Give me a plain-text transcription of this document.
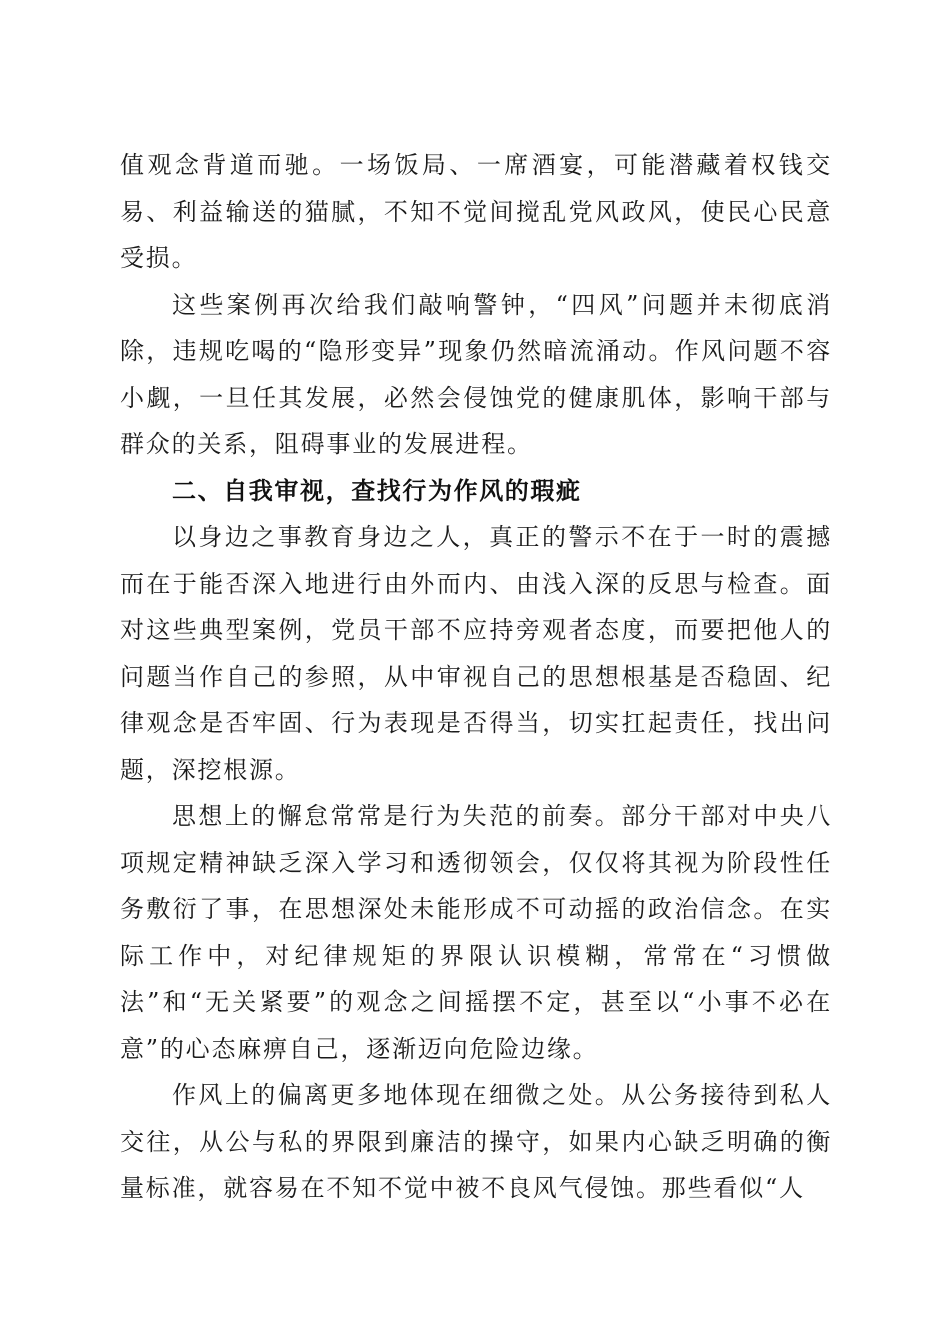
值观念背道而驰。一场饭局、一席酒宴，可能潜藏着权钱交易、利益输送的猫腻，不知不觉间搅乱党风政风，使民心民意受损。

这些案例再次给我们敲响警钟，“四风”问题并未彻底消除，违规吃喝的“隐形变异”现象仍然暗流涌动。作风问题不容小觑，一旦任其发展，必然会侵蚀党的健康肌体，影响干部与群众的关系，阻碍事业的发展进程。

二、自我审视，查找行为作风的瑕疵

以身边之事教育身边之人，真正的警示不在于一时的震撼而在于能否深入地进行由外而内、由浅入深的反思与检查。面对这些典型案例，党员干部不应持旁观者态度，而要把他人的问题当作自己的参照，从中审视自己的思想根基是否稳固、纪律观念是否牢固、行为表现是否得当，切实扛起责任，找出问题，深挖根源。

思想上的懈怠常常是行为失范的前奏。部分干部对中央八项规定精神缺乏深入学习和透彻领会，仅仅将其视为阶段性任务敷衍了事，在思想深处未能形成不可动摇的政治信念。在实际工作中，对纪律规矩的界限认识模糊，常常在“习惯做法”和“无关紧要”的观念之间摇摆不定，甚至以“小事不必在意”的心态麻痹自己，逐渐迈向危险边缘。

作风上的偏离更多地体现在细微之处。从公务接待到私人交往，从公与私的界限到廉洁的操守，如果内心缺乏明确的衡量标准，就容易在不知不觉中被不良风气侵蚀。那些看似“人
